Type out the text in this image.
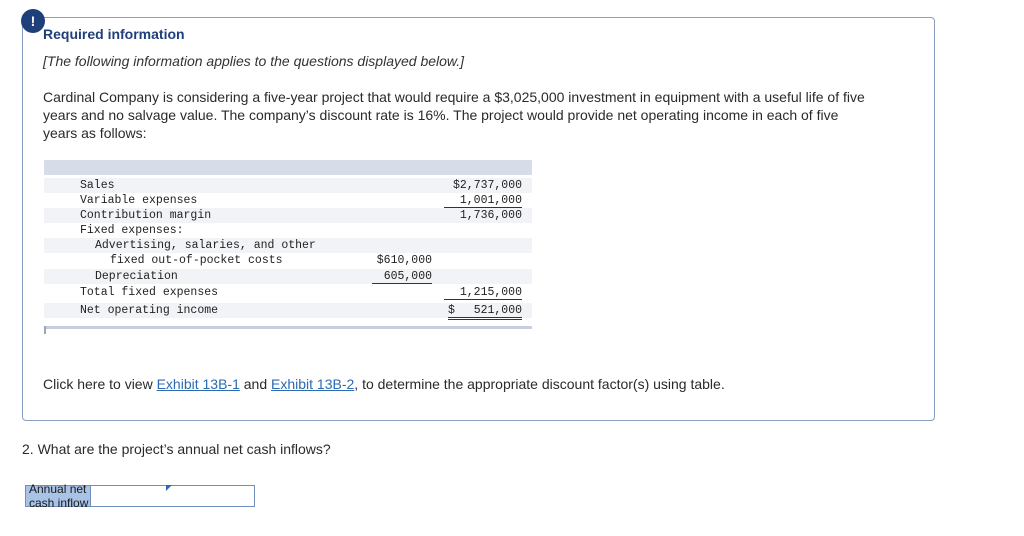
!
Required information
[The following information applies to the questions displayed below.]
Cardinal Company is considering a five-year project that would require a $3,025,000 investment in equipment with a useful life of five years and no salvage value. The company’s discount rate is 16%. The project would provide net operating income in each of five years as follows:
Sales	$2,737,000
Variable expenses	1,001,000
Contribution margin	1,736,000
Fixed expenses:
Advertising, salaries, and other
fixed out-of-pocket costs	$610,000
Depreciation	605,000
Total fixed expenses	1,215,000
Net operating income	$ 521,000
Click here to view Exhibit 13B-1 and Exhibit 13B-2, to determine the appropriate discount factor(s) using table.
2. What are the project’s annual net cash inflows?
Annual net cash inflow
